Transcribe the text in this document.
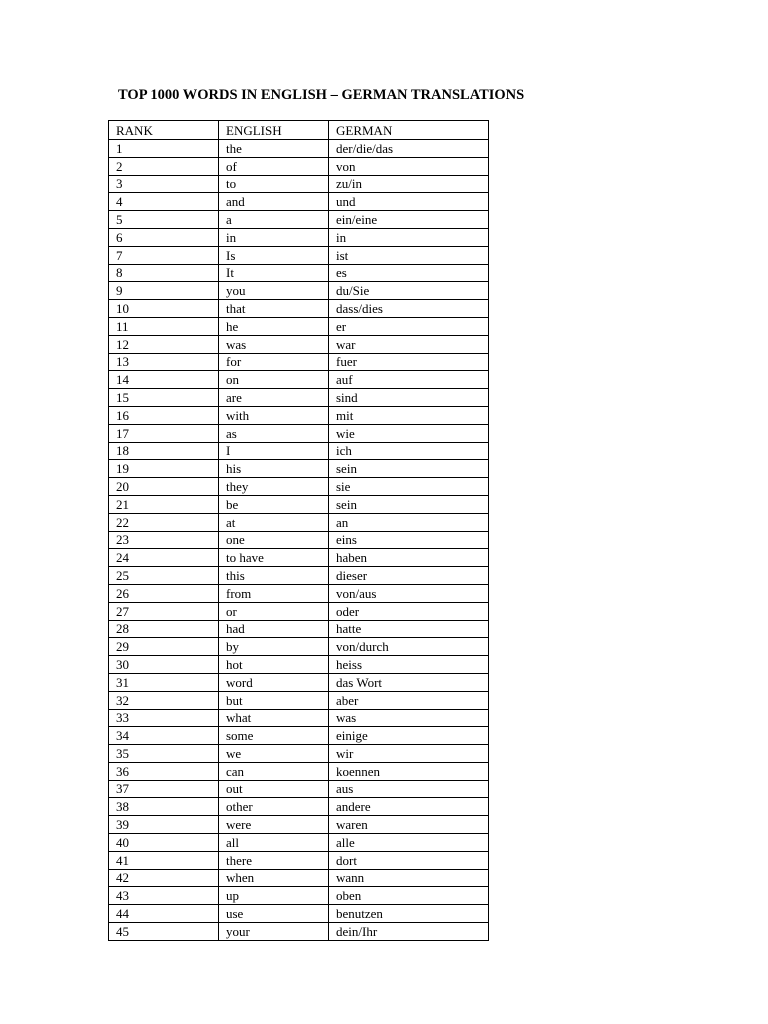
TOP 1000 WORDS IN ENGLISH – GERMAN TRANSLATIONS
RANK	ENGLISH	GERMAN
1	the	der/die/das
2	of	von
3	to	zu/in
4	and	und
5	a	ein/eine
6	in	in
7	Is	ist
8	It	es
9	you	du/Sie
10	that	dass/dies
11	he	er
12	was	war
13	for	fuer
14	on	auf
15	are	sind
16	with	mit
17	as	wie
18	I	ich
19	his	sein
20	they	sie
21	be	sein
22	at	an
23	one	eins
24	to have	haben
25	this	dieser
26	from	von/aus
27	or	oder
28	had	hatte
29	by	von/durch
30	hot	heiss
31	word	das Wort
32	but	aber
33	what	was
34	some	einige
35	we	wir
36	can	koennen
37	out	aus
38	other	andere
39	were	waren
40	all	alle
41	there	dort
42	when	wann
43	up	oben
44	use	benutzen
45	your	dein/Ihr
